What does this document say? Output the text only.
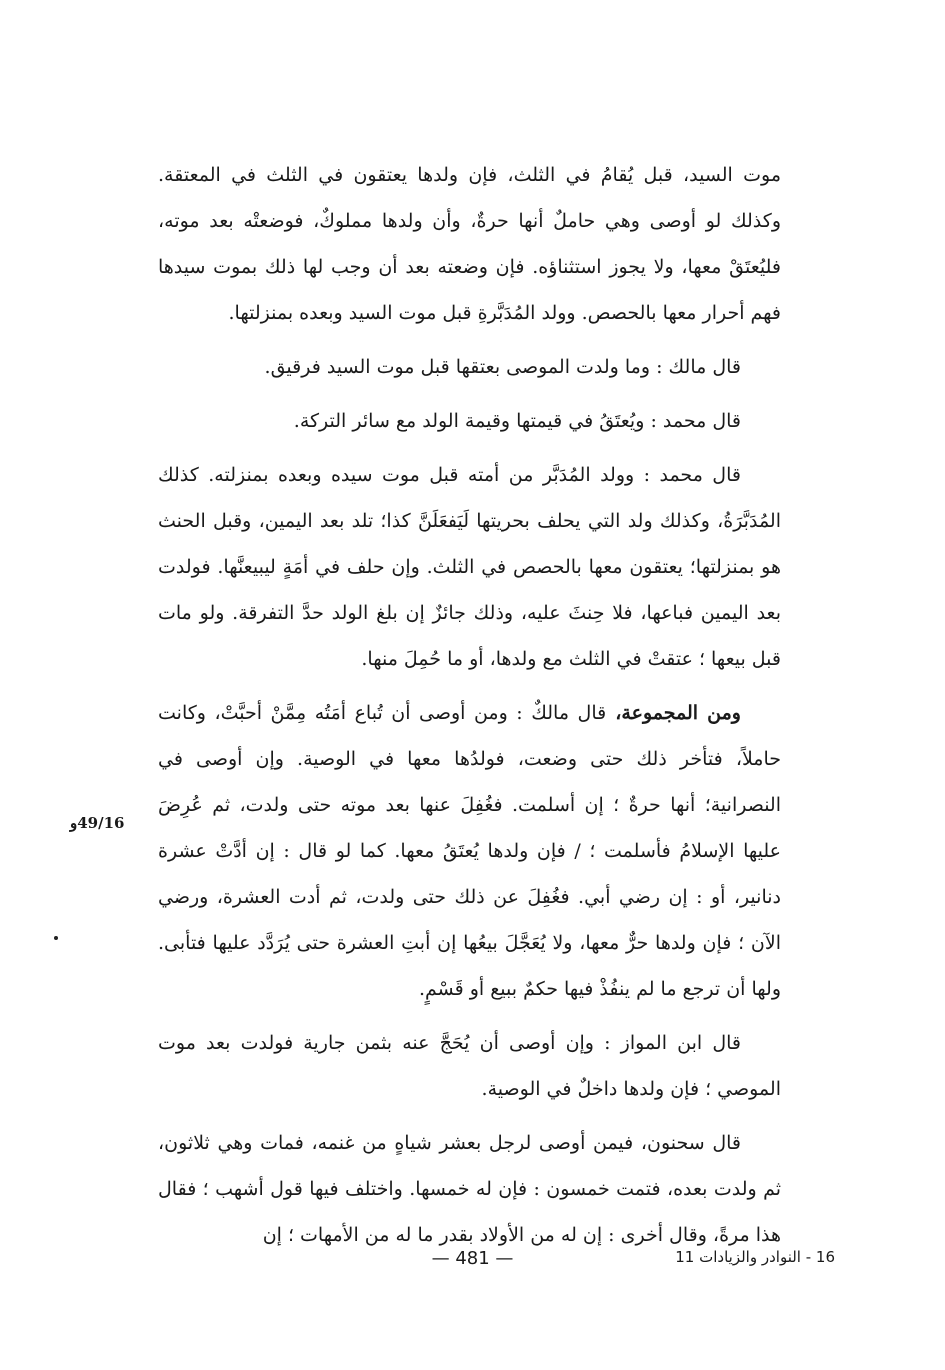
موت السيد، قبل يُقامُ في الثلث، فإن ولدها يعتقون في الثلث في المعتقة. وكذلك لو أوصى وهي حاملٌ أنها حرةٌ، وأن ولدها مملوكٌ، فوضعتْه بعد موته، فليُعتَقْ معها، ولا يجوز استثناؤه. فإن وضعته بعد أن وجب لها ذلك بموت سيدها فهم أحرار معها بالحصص. وولد المُدَبَّرةِ قبل موت السيد وبعده بمنزلتها.

قال مالك : وما ولدت الموصى بعتقها قبل موت السيد فرقيق.

قال محمد : ويُعتَقُ في قيمتها وقيمة الولد مع سائر التركة.

قال محمد : وولد المُدَبَّر من أمته قبل موت سيده وبعده بمنزلته. كذلك المُدَبَّرَةُ، وكذلك ولد التي يحلف بحريتها لَيَفعَلَنَّ كذا؛ تلد بعد اليمين، وقبل الحنث هو بمنزلتها؛ يعتقون معها بالحصص في الثلث. وإن حلف في أمَةٍ ليبيعنَّها. فولدت بعد اليمين فباعها، فلا حِنثَ عليه، وذلك جائزٌ إن بلغ الولد حدَّ التفرقة. ولو مات قبل بيعها ؛ عتقتْ في الثلث مع ولدها، أو ما حُمِلَ منها.

ومن المجموعة، قال مالكٌ : ومن أوصى أن تُباع أمَتُه مِمَّنْ أحبَّتْ، وكانت حاملاً، فتأخر ذلك حتى وضعت، فولدُها معها في الوصية. وإن أوصى في النصرانية؛ أنها حرةٌ ؛ إن أسلمت. فغُفِلَ عنها بعد موته حتى ولدت، ثم عُرِضَ عليها الإسلامُ فأسلمت ؛ / فإن ولدها يُعتَقُ معها. كما لو قال : إن أدَّتْ عشرة دنانير، أو : إن رضي أبي. فغُفِلَ عن ذلك حتى ولدت، ثم أدت العشرة، ورضي الآن ؛ فإن ولدها حرٌّ معها، ولا يُعَجَّلَ بيعُها إن أبتِ العشرة حتى يُرَدَّد عليها فتأبى. ولها أن ترجع ما لم ينفُذْ فيها حكمٌ ببيع أو قَسْمٍ.

قال ابن المواز : وإن أوصى أن يُحَجَّ عنه بثمن جارية فولدت بعد موت الموصي ؛ فإن ولدها داخلٌ في الوصية.

قال سحنون، فيمن أوصى لرجل بعشر شياهٍ من غنمه، فمات وهي ثلاثون، ثم ولدت بعده، فتمت خمسون : فإن له خمسها. واختلف فيها قول أشهب ؛ فقال هذا مرةً، وقال أخرى : إن له من الأولاد بقدر ما له من الأمهات ؛ إن

49/16و
— 481 —	16 - النوادر والزيادات 11
